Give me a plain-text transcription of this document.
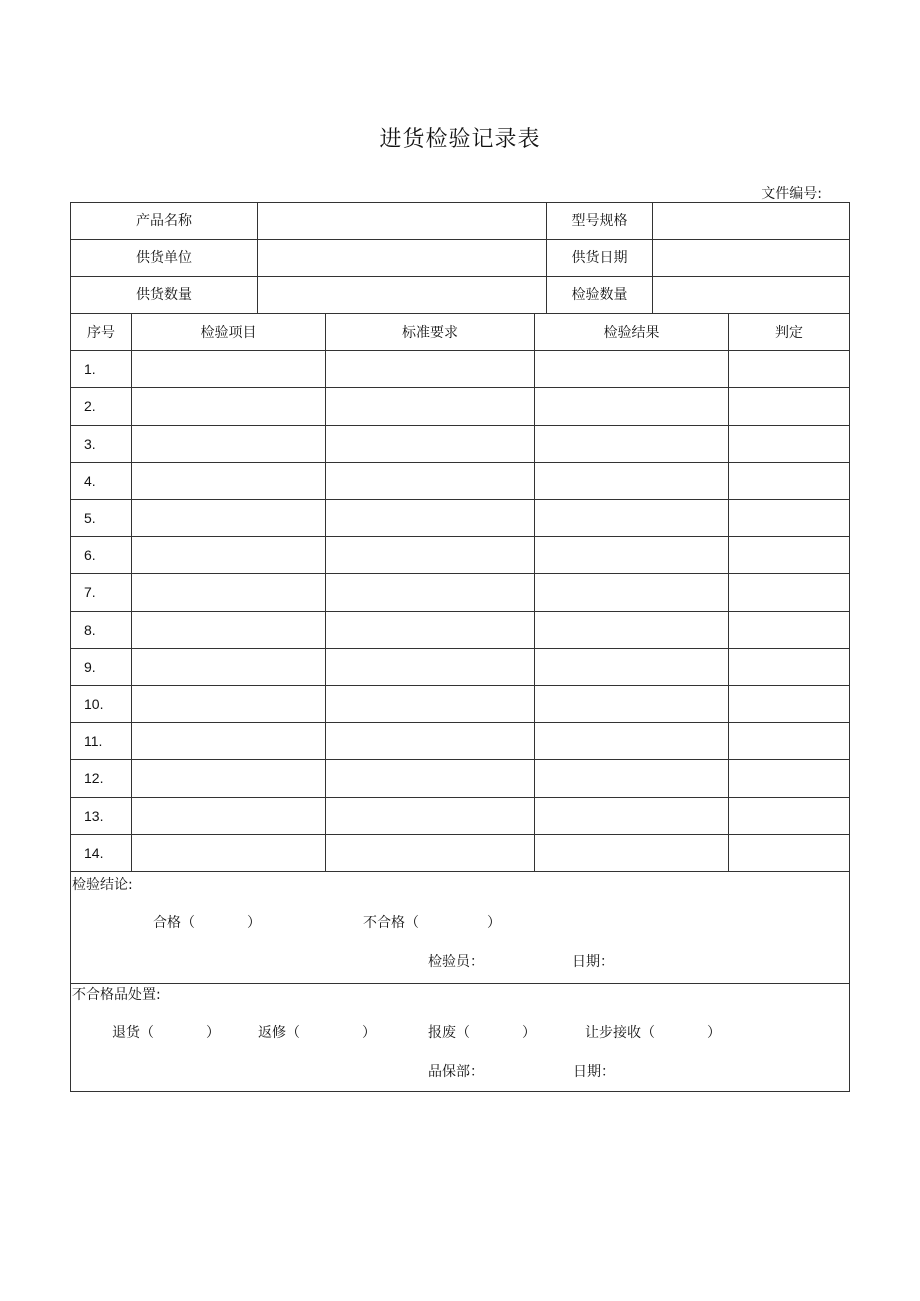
进货检验记录表
文件编号:
产品名称	型号规格
供货单位	供货日期
供货数量	检验数量
序号	检验项目	标准要求	检验结果	判定
1.
2.
3.
4.
5.
6.
7.
8.
9.
10.
11.
12.
13.
14.
检验结论:
合格（	）	不合格（	）
检验员：	日期：
不合格品处置:
退货（	）	返修（	）	报废（	）	让步接收（	）
品保部：	日期：
